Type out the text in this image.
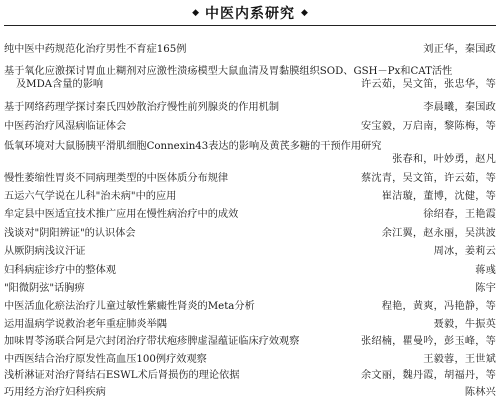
◆ 中医内系研究 ◆
纯中医中药规范化治疗男性不育症165例	刘正华，秦国政
基于氧化应激探讨胃血止糊剂对应激性溃疡模型大鼠血清及胃黏膜组织SOD、GSH－Px和CAT活性
及MDA含量的影响	许云茹，吴文笛，张忠华，等
基于网络药理学探讨秦氏四妙散治疗慢性前列腺炎的作用机制	李晨曦，秦国政
中医药治疗风湿病临证体会	安宝毅，万启南，黎陈梅，等
低氧环境对大鼠肠胰平滑肌细胞Connexin43表达的影响及黄芪多糖的干预作用研究
张春和，叶妙勇，赵凡
慢性萎缩性胃炎不同病理类型的中医体质分布规律	蔡沈青，吴文笛，许云茹，等
五运六气学说在儿科"治未病"中的应用	崔洁璇，董博，沈健，等
牟定县中医适宜技术推广应用在慢性病治疗中的成效	徐绍春，王艳霞
浅谈对"阴阳辨证"的认识体会	余江翼，赵永丽，吴洪波
从厥阴病浅议汗证	周冰，姜莉云
妇科病症诊疗中的整体观	蒋彧
"阳微阴弦"话胸痹	陈宇
中医活血化瘀法治疗儿童过敏性紫癜性肾炎的Meta分析	程艳，黄爽，冯艳静，等
运用温病学说救治老年重症肺炎举隅	聂毅，牛振英
加味胃苓汤联合阿是穴封闭治疗带状疱疹脾虚湿蕴证临床疗效观察	张绍楠，瞿曼吟，彭玉峰，等
中西医结合治疗原发性高血压100例疗效观察	王毅蓉，王世斌
浅析淋证对治疗肾结石ESWL术后肾损伤的理论依据	余文丽，魏丹霞，胡福丹，等
巧用经方治疗妇科疾病	陈林兴
